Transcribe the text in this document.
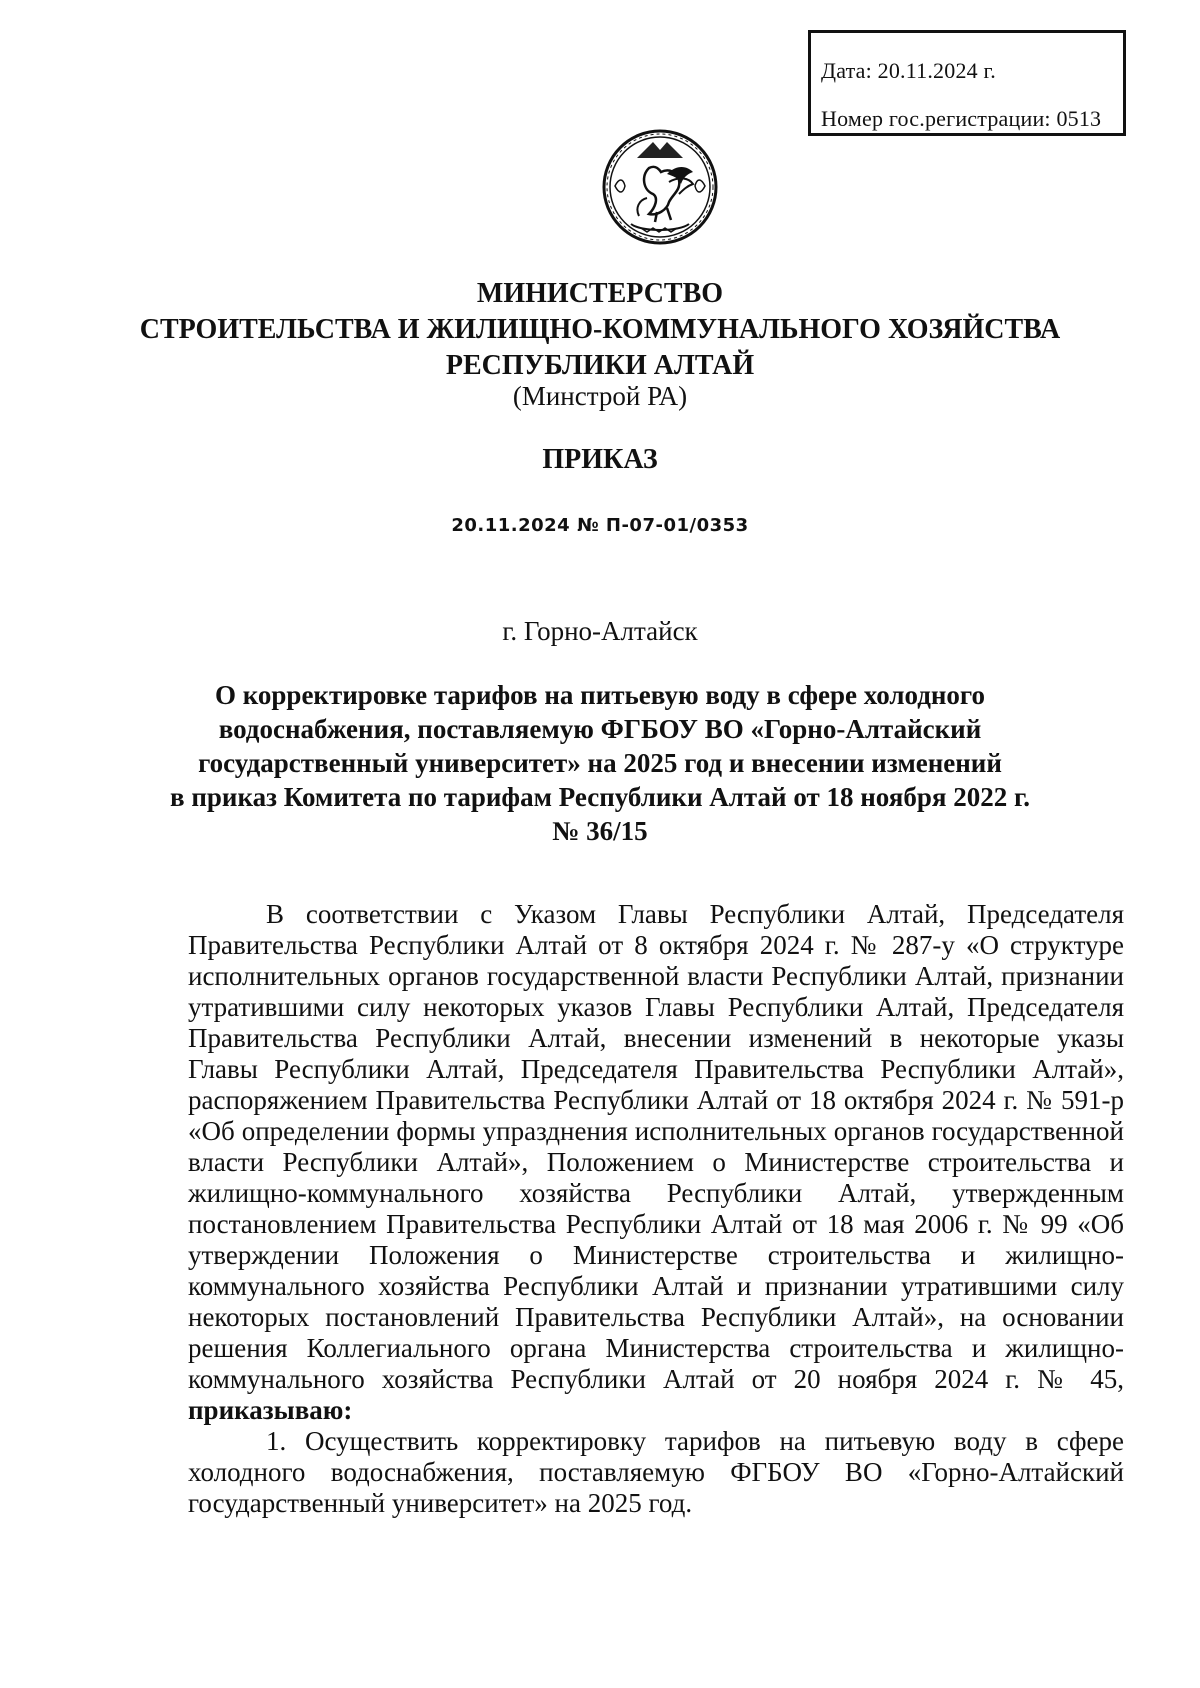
Дата: 20.11.2024 г.
Номер гос.регистрации: 0513
МИНИСТЕРСТВО
СТРОИТЕЛЬСТВА И ЖИЛИЩНО-КОММУНАЛЬНОГО ХОЗЯЙСТВА
РЕСПУБЛИКИ АЛТАЙ
(Минстрой РА)
ПРИКАЗ
20.11.2024 № П-07-01/0353
г. Горно-Алтайск
О корректировке тарифов на питьевую воду в сфере холодного
водоснабжения, поставляемую ФГБОУ ВО «Горно-Алтайский
государственный университет» на 2025 год и внесении изменений
в приказ Комитета по тарифам Республики Алтай от 18 ноября 2022 г.
№ 36/15

В соответствии с Указом Главы Республики Алтай, Председателя Правительства Республики Алтай от 8 октября 2024 г. № 287-у «О структуре исполнительных органов государственной власти Республики Алтай, признании утратившими силу некоторых указов Главы Республики Алтай, Председателя Правительства Республики Алтай, внесении изменений в некоторые указы Главы Республики Алтай, Председателя Правительства Республики Алтай», распоряжением Правительства Республики Алтай от 18 октября 2024 г. № 591-р «Об определении формы упразднения исполнительных органов государственной власти Республики Алтай», Положением о Министерстве строительства и жилищно-коммунального хозяйства Республики Алтай, утвержденным постановлением Правительства Республики Алтай от 18 мая 2006 г. № 99 «Об утверждении Положения о Министерстве строительства и жилищно-коммунального хозяйства Республики Алтай и признании утратившими силу некоторых постановлений Правительства Республики Алтай», на основании решения Коллегиального органа Министерства строительства и жилищно-коммунального хозяйства Республики Алтай от 20 ноября 2024 г. № 45, приказываю:

1. Осуществить корректировку тарифов на питьевую воду в сфере холодного водоснабжения, поставляемую ФГБОУ ВО «Горно-Алтайский государственный университет» на 2025 год.
